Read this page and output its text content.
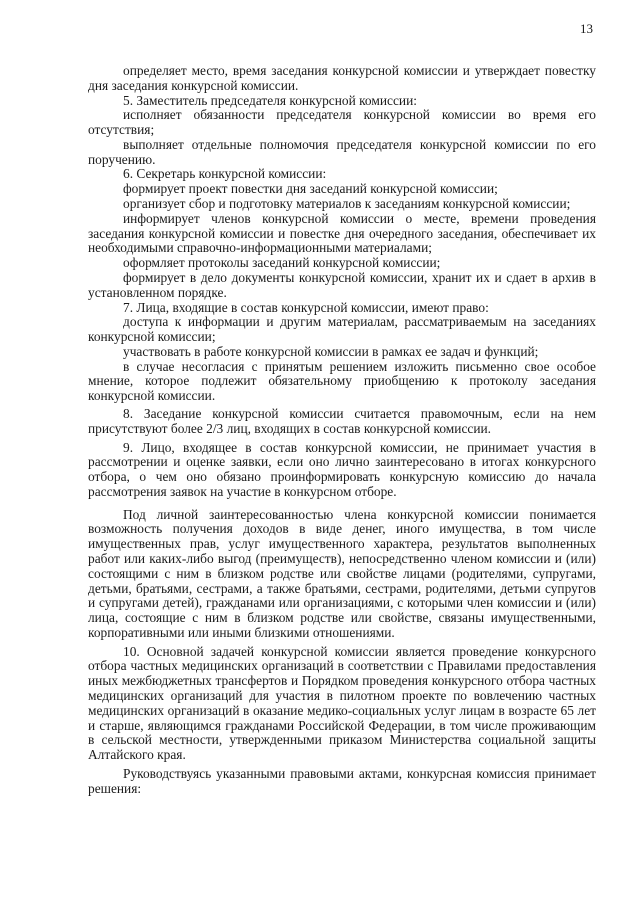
13

определяет место, время заседания конкурсной комиссии и утверждает повестку дня заседания конкурсной комиссии.

5. Заместитель председателя конкурсной комиссии:

исполняет обязанности председателя конкурсной комиссии во время его отсутствия;

выполняет отдельные полномочия председателя конкурсной комиссии по его поручению.

6. Секретарь конкурсной комиссии:

формирует проект повестки дня заседаний конкурсной комиссии;

организует сбор и подготовку материалов к заседаниям конкурсной комиссии;

информирует членов конкурсной комиссии о месте, времени проведения заседания конкурсной комиссии и повестке дня очередного заседания, обеспечивает их необходимыми справочно-информационными материалами;

оформляет протоколы заседаний конкурсной комиссии;

формирует в дело документы конкурсной комиссии, хранит их и сдает в архив в установленном порядке.

7. Лица, входящие в состав конкурсной комиссии, имеют право:

доступа к информации и другим материалам, рассматриваемым на заседаниях конкурсной комиссии;

участвовать в работе конкурсной комиссии в рамках ее задач и функций;

в случае несогласия с принятым решением изложить письменно свое особое мнение, которое подлежит обязательному приобщению к протоколу заседания конкурсной комиссии.

8. Заседание конкурсной комиссии считается правомочным, если на нем присутствуют более 2/3 лиц, входящих в состав конкурсной комиссии.

9. Лицо, входящее в состав конкурсной комиссии, не принимает участия в рассмотрении и оценке заявки, если оно лично заинтересовано в итогах конкурсного отбора, о чем оно обязано проинформировать конкурсную комиссию до начала рассмотрения заявок на участие в конкурсном отборе.

Под личной заинтересованностью члена конкурсной комиссии понимается возможность получения доходов в виде денег, иного имущества, в том числе имущественных прав, услуг имущественного характера, результатов выполненных работ или каких-либо выгод (преимуществ), непосредственно членом комиссии и (или) состоящими с ним в близком родстве или свойстве лицами (родителями, супругами, детьми, братьями, сестрами, а также братьями, сестрами, родителями, детьми супругов и супругами детей), гражданами или организациями, с которыми член комиссии и (или) лица, состоящие с ним в близком родстве или свойстве, связаны имущественными, корпоративными или иными близкими отношениями.

10. Основной задачей конкурсной комиссии является проведение конкурсного отбора частных медицинских организаций в соответствии с Правилами предоставления иных межбюджетных трансфертов и Порядком проведения конкурсного отбора частных медицинских организаций для участия в пилотном проекте по вовлечению частных медицинских организаций в оказание медико-социальных услуг лицам в возрасте 65 лет и старше, являющимся гражданами Российской Федерации, в том числе проживающим в сельской местности, утвержденными приказом Министерства социальной защиты Алтайского края.

Руководствуясь указанными правовыми актами, конкурсная комиссия принимает решения:
